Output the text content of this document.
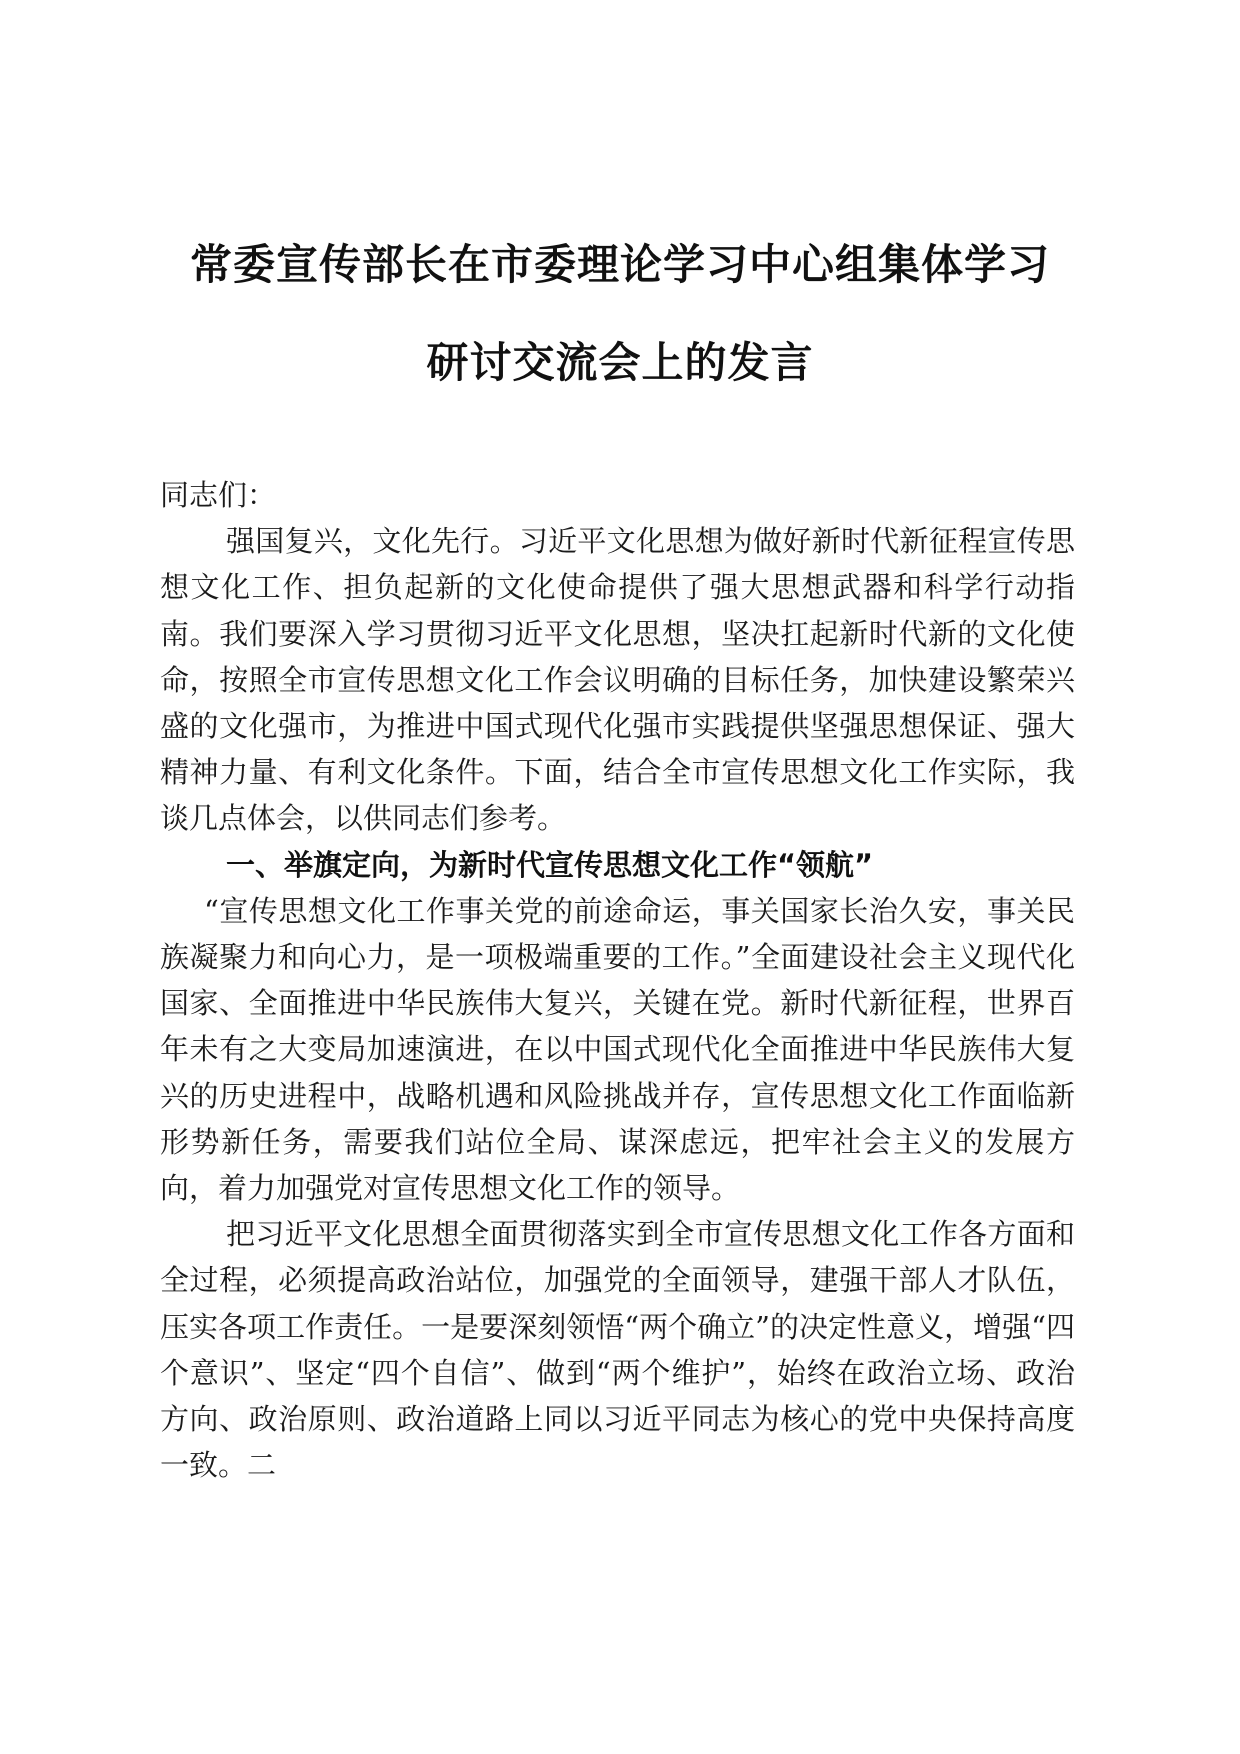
常委宣传部长在市委理论学习中心组集体学习
研讨交流会上的发言

同志们：

强国复兴，文化先行。习近平文化思想为做好新时代新征程宣传思想文化工作、担负起新的文化使命提供了强大思想武器和科学行动指南。我们要深入学习贯彻习近平文化思想，坚决扛起新时代新的文化使命，按照全市宣传思想文化工作会议明确的目标任务，加快建设繁荣兴盛的文化强市，为推进中国式现代化强市实践提供坚强思想保证、强大精神力量、有利文化条件。下面，结合全市宣传思想文化工作实际，我谈几点体会，以供同志们参考。

一、举旗定向，为新时代宣传思想文化工作“领航”

“宣传思想文化工作事关党的前途命运，事关国家长治久安，事关民族凝聚力和向心力，是一项极端重要的工作。”全面建设社会主义现代化国家、全面推进中华民族伟大复兴，关键在党。新时代新征程，世界百年未有之大变局加速演进，在以中国式现代化全面推进中华民族伟大复兴的历史进程中，战略机遇和风险挑战并存，宣传思想文化工作面临新形势新任务，需要我们站位全局、谋深虑远，把牢社会主义的发展方向，着力加强党对宣传思想文化工作的领导。

把习近平文化思想全面贯彻落实到全市宣传思想文化工作各方面和全过程，必须提高政治站位，加强党的全面领导，建强干部人才队伍，压实各项工作责任。一是要深刻领悟“两个确立”的决定性意义，增强“四个意识”、坚定“四个自信”、做到“两个维护”，始终在政治立场、政治方向、政治原则、政治道路上同以习近平同志为核心的党中央保持高度一致。二
